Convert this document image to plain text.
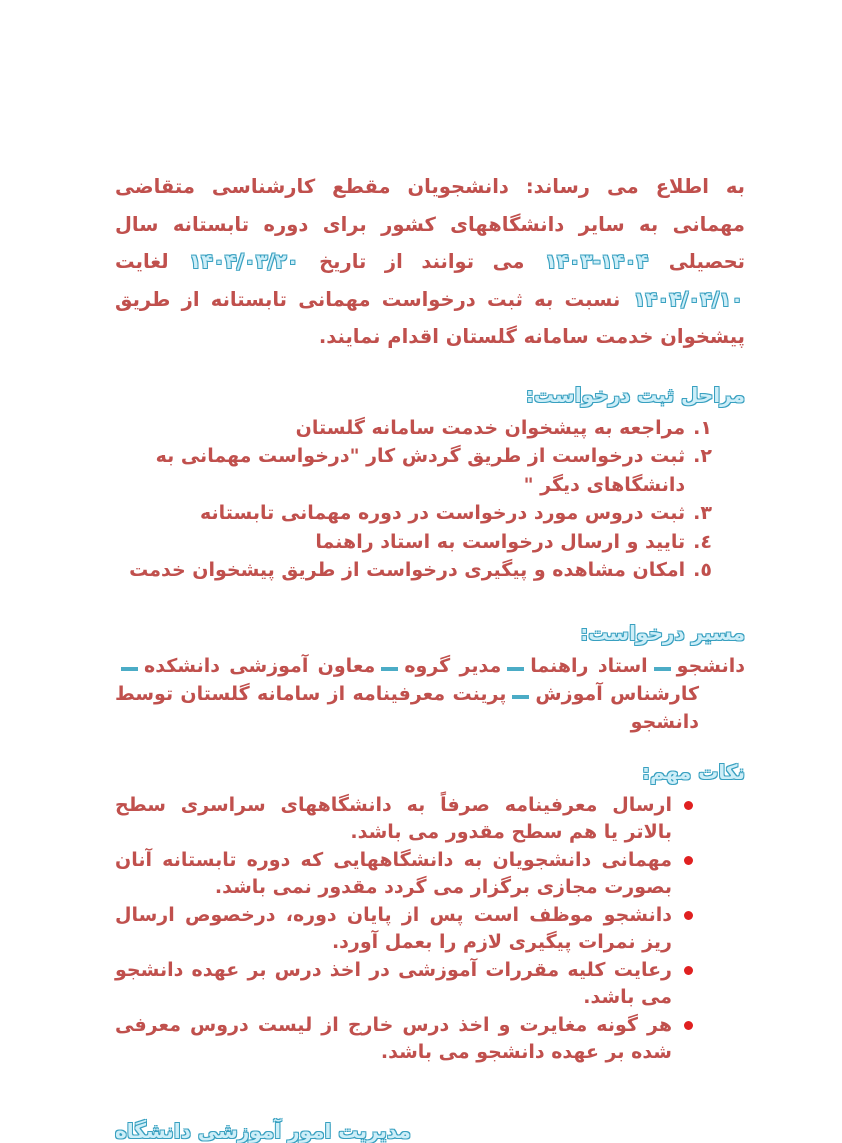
به اطلاع می رساند: دانشجویان مقطع کارشناسی متقاضی مهمانی به سایر دانشگاههای کشور برای دوره تابستانه سال تحصیلی ۱۴۰۳-۱۴۰۴ می توانند از تاریخ ۱۴۰۴/۰۳/۲۰ لغایت ۱۴۰۴/۰۴/۱۰ نسبت به ثبت درخواست مهمانی تابستانه از طریق پیشخوان خدمت سامانه گلستان اقدام نمایند.

مراحل ثبت درخواست:
١.
مراجعه به پیشخوان خدمت سامانه گلستان
٢.
ثبت درخواست از طریق گردش کار "درخواست مهمانی به دانشگاهای دیگر "
٣.
ثبت دروس مورد درخواست در دوره مهمانی تابستانه
٤.
تایید و ارسال درخواست به استاد راهنما
٥.
امکان مشاهده و پیگیری درخواست از طریق پیشخوان خدمت
مسیر درخواست:

دانشجواستاد راهنمامدیر گروهمعاون آموزشی دانشکدهکارشناس آموزشپرینت معرفینامه از سامانه گلستان توسط دانشجو

نکات مهم:
ارسال معرفینامه صرفاً به دانشگاههای سراسری سطح بالاتر یا هم سطح مقدور می باشد.
مهمانی دانشجویان به دانشگاههایی که دوره تابستانه آنان بصورت مجازی برگزار می گردد مقدور نمی باشد.
دانشجو موظف است پس از پایان دوره، درخصوص ارسال ریز نمرات پیگیری لازم را بعمل آورد.
رعایت کلیه مقررات آموزشی در اخذ درس بر عهده دانشجو می باشد.
هر گونه مغایرت و اخذ درس خارج از لیست دروس معرفی شده بر عهده دانشجو می باشد.

مدیریت امور آموزشی دانشگاه
